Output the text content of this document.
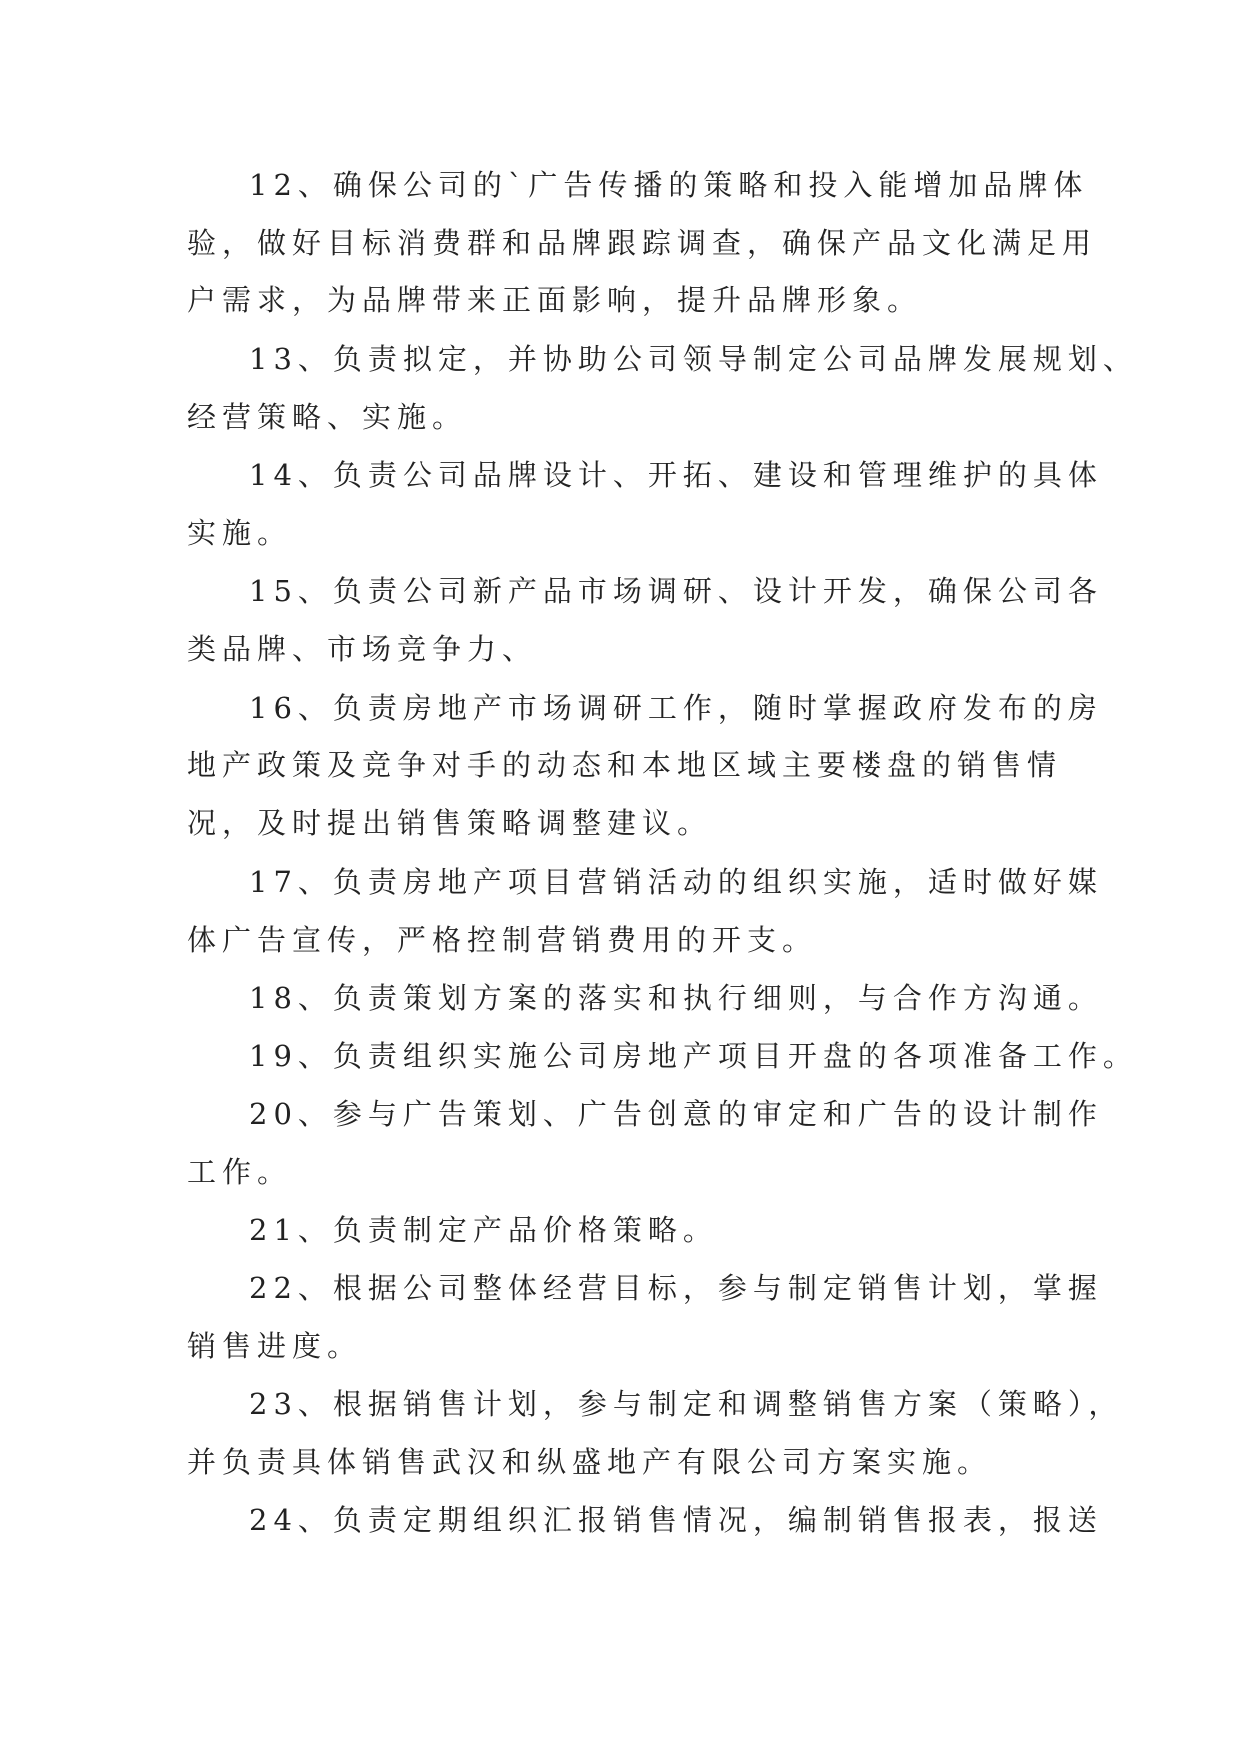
12、确保公司的`广告传播的策略和投入能增加品牌体
验，做好目标消费群和品牌跟踪调查，确保产品文化满足用
户需求，为品牌带来正面影响，提升品牌形象。
13、负责拟定，并协助公司领导制定公司品牌发展规划、
经营策略、实施。
14、负责公司品牌设计、开拓、建设和管理维护的具体
实施。
15、负责公司新产品市场调研、设计开发，确保公司各
类品牌、市场竞争力、
16、负责房地产市场调研工作，随时掌握政府发布的房
地产政策及竞争对手的动态和本地区域主要楼盘的销售情
况，及时提出销售策略调整建议。
17、负责房地产项目营销活动的组织实施，适时做好媒
体广告宣传，严格控制营销费用的开支。
18、负责策划方案的落实和执行细则，与合作方沟通。
19、负责组织实施公司房地产项目开盘的各项准备工作。
20、参与广告策划、广告创意的审定和广告的设计制作
工作。
21、负责制定产品价格策略。
22、根据公司整体经营目标，参与制定销售计划，掌握
销售进度。
23、根据销售计划，参与制定和调整销售方案（策略），
并负责具体销售武汉和纵盛地产有限公司方案实施。
24、负责定期组织汇报销售情况，编制销售报表，报送
